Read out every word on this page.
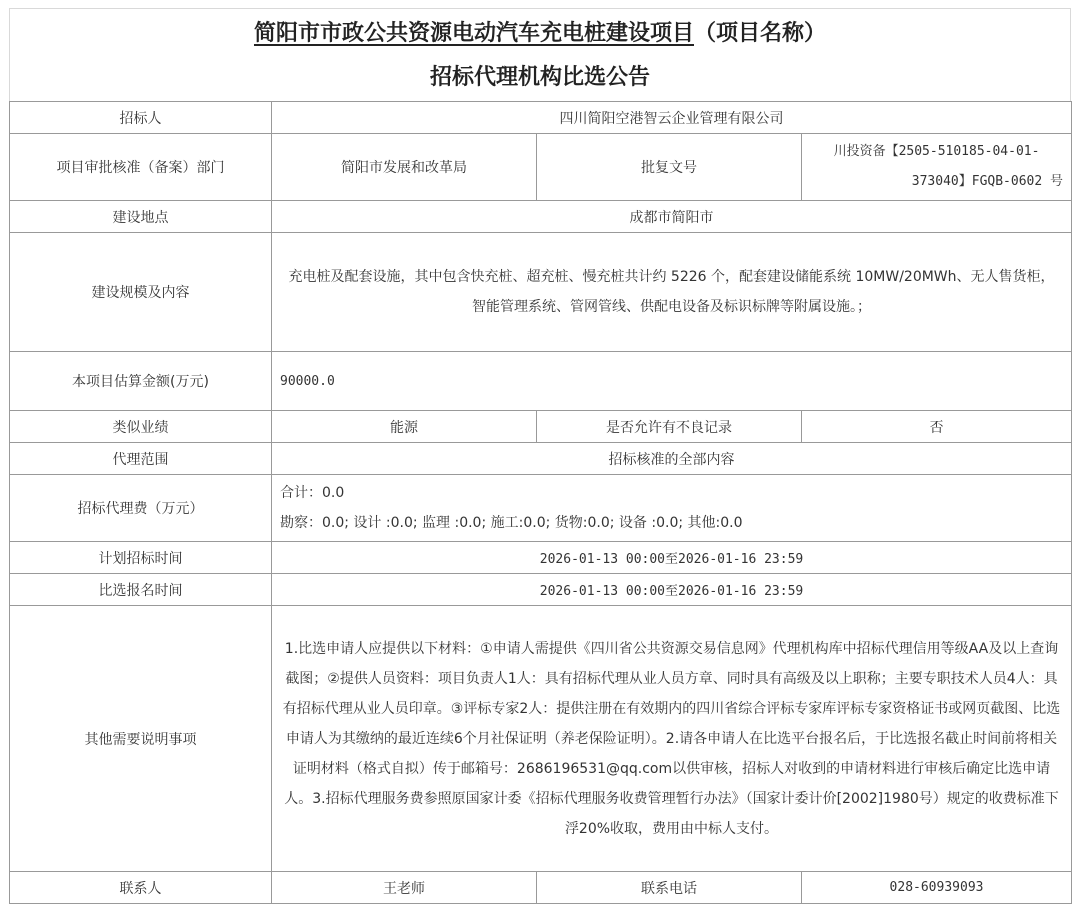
简阳市市政公共资源电动汽车充电桩建设项目（项目名称）
招标代理机构比选公告
招标人	四川简阳空港智云企业管理有限公司		
项目审批核准（备案）部门	简阳市发展和改革局	批复文号	川投资备【2505-510185-04-01-
373040】FGQB-0602 号

建设地点	成都市简阳市		
建设规模及内容	充电桩及配套设施，其中包含快充桩、超充桩、慢充桩共计约 5226 个，配套建设储能系统 10MW/20MWh、无人售货柜，智能管理系统、管网管线、供配电设备及标识标牌等附属设施。；		
本项目估算金额(万元)	90000.0		
类似业绩	能源	是否允许有不良记录	否
代理范围	招标核准的全部内容		
招标代理费（万元）	合计：0.0
勘察：0.0; 设计 :0.0; 监理 :0.0; 施工:0.0; 货物:0.0; 设备 :0.0; 其他:0.0		

计划招标时间	2026-01-13 00:00至2026-01-16 23:59		
比选报名时间	2026-01-13 00:00至2026-01-16 23:59		
其他需要说明事项	1.比选申请人应提供以下材料：①申请人需提供《四川省公共资源交易信息网》代理机构库中招标代理信用等级AA及以上查询截图；②提供人员资料：项目负责人1人：具有招标代理从业人员方章、同时具有高级及以上职称；主要专职技术人员4人：具有招标代理从业人员印章。③评标专家2人：提供注册在有效期内的四川省综合评标专家库评标专家资格证书或网页截图、比选申请人为其缴纳的最近连续6个月社保证明（养老保险证明）。2.请各申请人在比选平台报名后，于比选报名截止时间前将相关证明材料（格式自拟）传于邮箱号：2686196531@qq.com以供审核，招标人对收到的申请材料进行审核后确定比选申请人。3.招标代理服务费参照原国家计委《招标代理服务收费管理暂行办法》（国家计委计价[2002]1980号）规定的收费标准下浮20%收取，费用由中标人支付。		
联系人	王老师	联系电话	028-60939093
